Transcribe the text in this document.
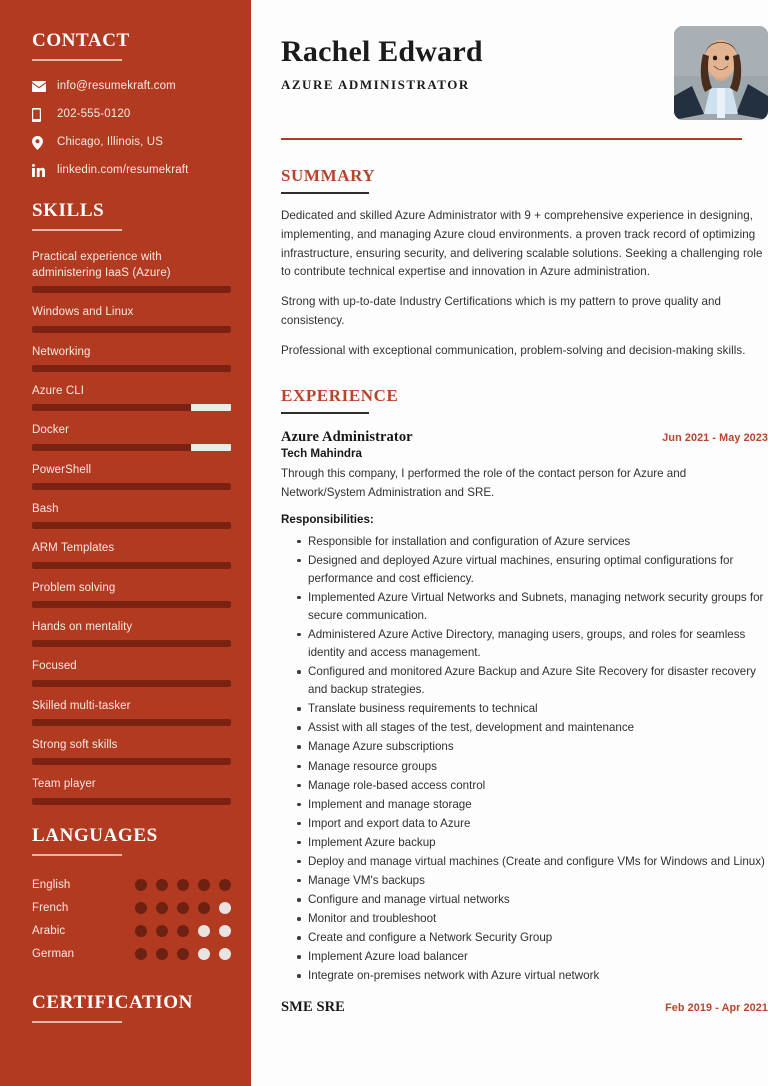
CONTACT
info@resumekraft.com
202-555-0120
Chicago, Illinois, US
linkedin.com/resumekraft
SKILLS
Practical experience with administering IaaS (Azure)
Windows and Linux
Networking
Azure CLI
Docker
PowerShell
Bash
ARM Templates
Problem solving
Hands on mentality
Focused
Skilled multi-tasker
Strong soft skills
Team player
LANGUAGES
English
French
Arabic
German
CERTIFICATION
Rachel Edward
AZURE ADMINISTRATOR
SUMMARY

Dedicated and skilled Azure Administrator with 9 + comprehensive experience in designing, implementing, and managing Azure cloud environments. a proven track record of optimizing infrastructure, ensuring security, and delivering scalable solutions. Seeking a challenging role to contribute technical expertise and innovation in Azure administration.

Strong with up-to-date Industry Certifications which is my pattern to prove quality and consistency.

Professional with exceptional communication, problem-solving and decision-making skills.

EXPERIENCE
Azure Administrator	Jun 2021 - May 2023
Tech Mahindra
Through this company, I performed the role of the contact person for Azure and Network/System Administration and SRE.
Responsibilities:
Responsible for installation and configuration of Azure services
Designed and deployed Azure virtual machines, ensuring optimal configurations for performance and cost efficiency.
Implemented Azure Virtual Networks and Subnets, managing network security groups for secure communication.
Administered Azure Active Directory, managing users, groups, and roles for seamless identity and access management.
Configured and monitored Azure Backup and Azure Site Recovery for disaster recovery and backup strategies.
Translate business requirements to technical
Assist with all stages of the test, development and maintenance
Manage Azure subscriptions
Manage resource groups
Manage role-based access control
Implement and manage storage
Import and export data to Azure
Implement Azure backup
Deploy and manage virtual machines (Create and configure VMs for Windows and Linux)
Manage VM's backups
Configure and manage virtual networks
Monitor and troubleshoot
Create and configure a Network Security Group
Implement Azure load balancer
Integrate on-premises network with Azure virtual network
SME SRE	Feb 2019 - Apr 2021
